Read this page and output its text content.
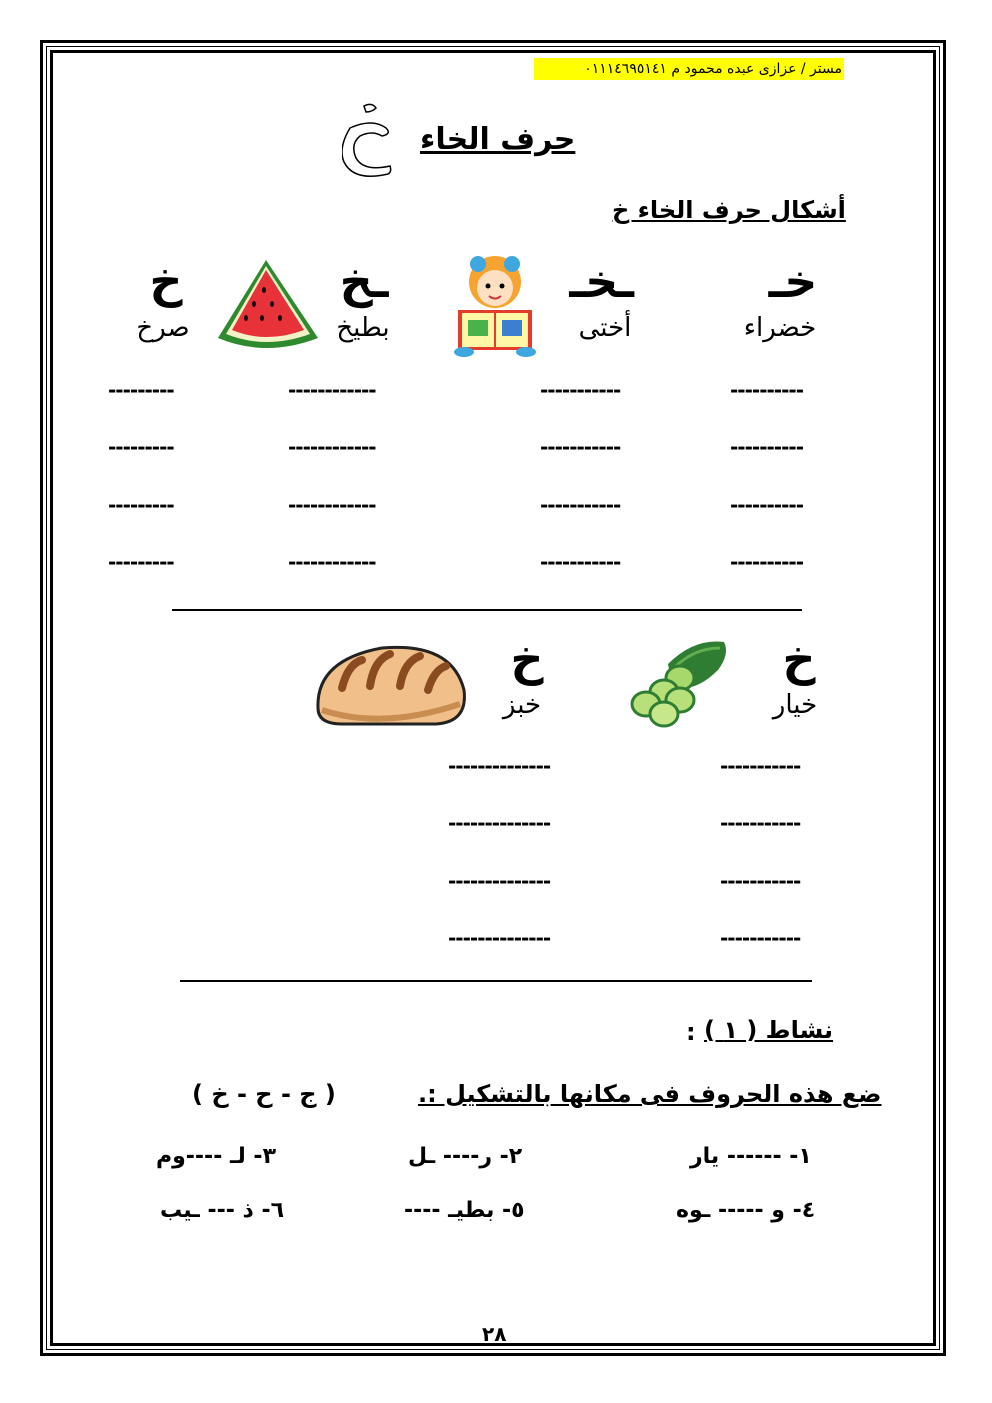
مستر / عزازى عبده محمود م ٠١١١٤٦٩٥١٤١
حرف الخاء
أشكال حرف الخاء خ
خـ
خضراء
ـخـ
أختى
ـخ
بطيخ
خ
صرخ
----------
-----------
------------
---------
----------
-----------
------------
---------
----------
-----------
------------
---------
----------
-----------
------------
---------
خ
خيار
خ
خبز
-----------
--------------
-----------
--------------
-----------
--------------
-----------
--------------
نشاط ( ١ )
:
ضع هذه الحروف فى مكانها بالتشكيل :.
( ج - ح - خ )
١- ------ يار
٢- ر---- ـل
٣- لـ ----وم
٤- و ----- ـوه
٥- بطيـ ----
٦- ذ --- ـيب
٢٨
